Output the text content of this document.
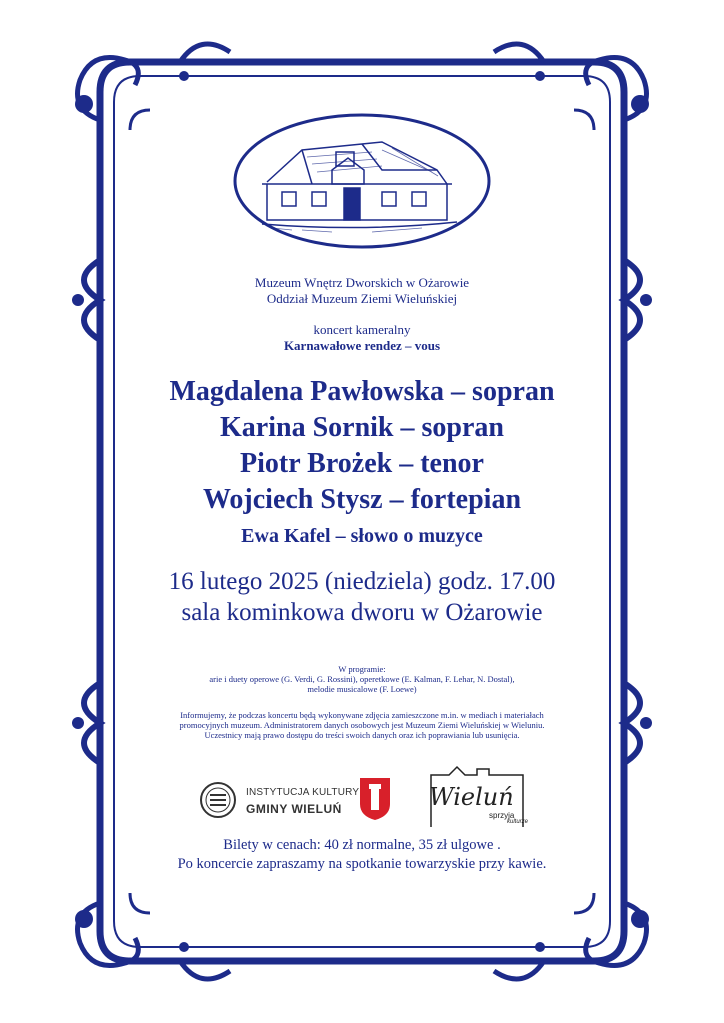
Muzeum Wnętrz Dworskich w Ożarowie
Oddział Muzeum Ziemi Wieluńskiej
koncert kameralny
Karnawałowe rendez – vous
Magdalena Pawłowska – sopran
Karina Sornik – sopran
Piotr Brożek – tenor
Wojciech Stysz – fortepian
Ewa Kafel – słowo o muzyce
16 lutego 2025 (niedziela) godz. 17.00
sala kominkowa dworu w Ożarowie
W programie:
arie i duety operowe (G. Verdi, G. Rossini), operetkowe (E. Kalman, F. Lehar, N. Dostal),
melodie musicalowe (F. Loewe)
Informujemy, że podczas koncertu będą wykonywane zdjęcia zamieszczone m.in. w mediach i materiałach
promocyjnych muzeum. Administratorem danych osobowych jest Muzeum Ziemi Wieluńskiej w Wieluniu.
Uczestnicy mają prawo dostępu do treści swoich danych oraz ich poprawiania lub usunięcia.
INSTYTUCJA KULTURY
GMINY WIELUŃ	Wieluń
sprzyja
kulturze
Bilety w cenach: 40 zł normalne, 35 zł ulgowe .
Po koncercie zapraszamy na spotkanie towarzyskie przy kawie.
